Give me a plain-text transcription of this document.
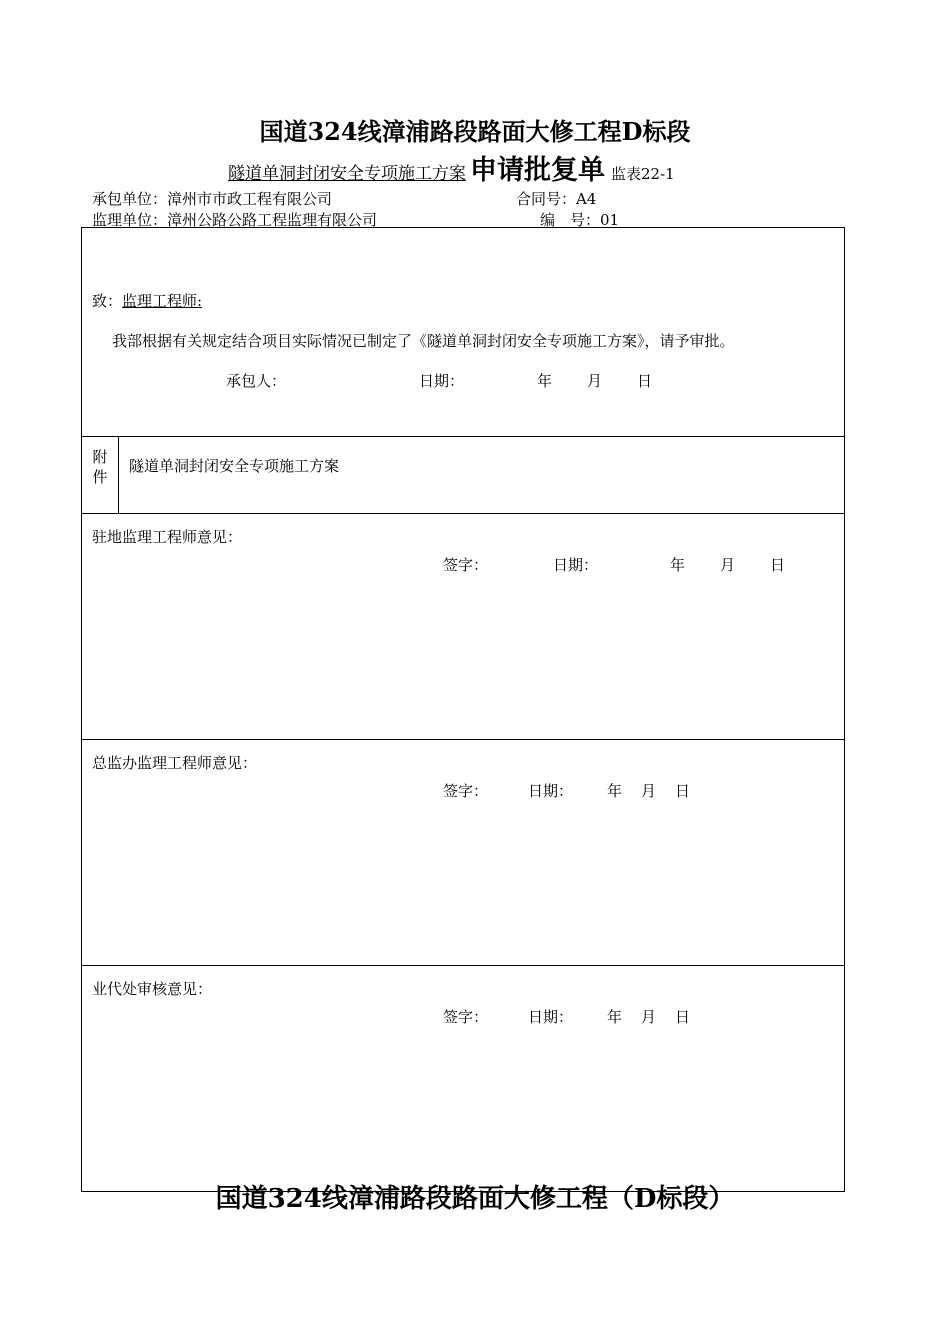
国道324线漳浦路段路面大修工程D标段
隧道单洞封闭安全专项施工方案 申请批复单 监表22-1
承包单位：漳州市市政工程有限公司	合同号：A4
监理单位：漳州公路公路工程监理有限公司	编　号：01
致：监理工程师:
我部根据有关规定结合项目实际情况已制定了《隧道单洞封闭安全专项施工方案》，请予审批。
承包人：	日期：	年 月 日

附
件
	隧道单洞封闭安全专项施工方案

驻地监理工程师意见：
签字：	日期：	年 月 日

总监办监理工程师意见：
签字：	日期： 年 月 日

业代处审核意见：
签字：	日期： 年 月 日
国道324线漳浦路段路面大修工程（D标段）
